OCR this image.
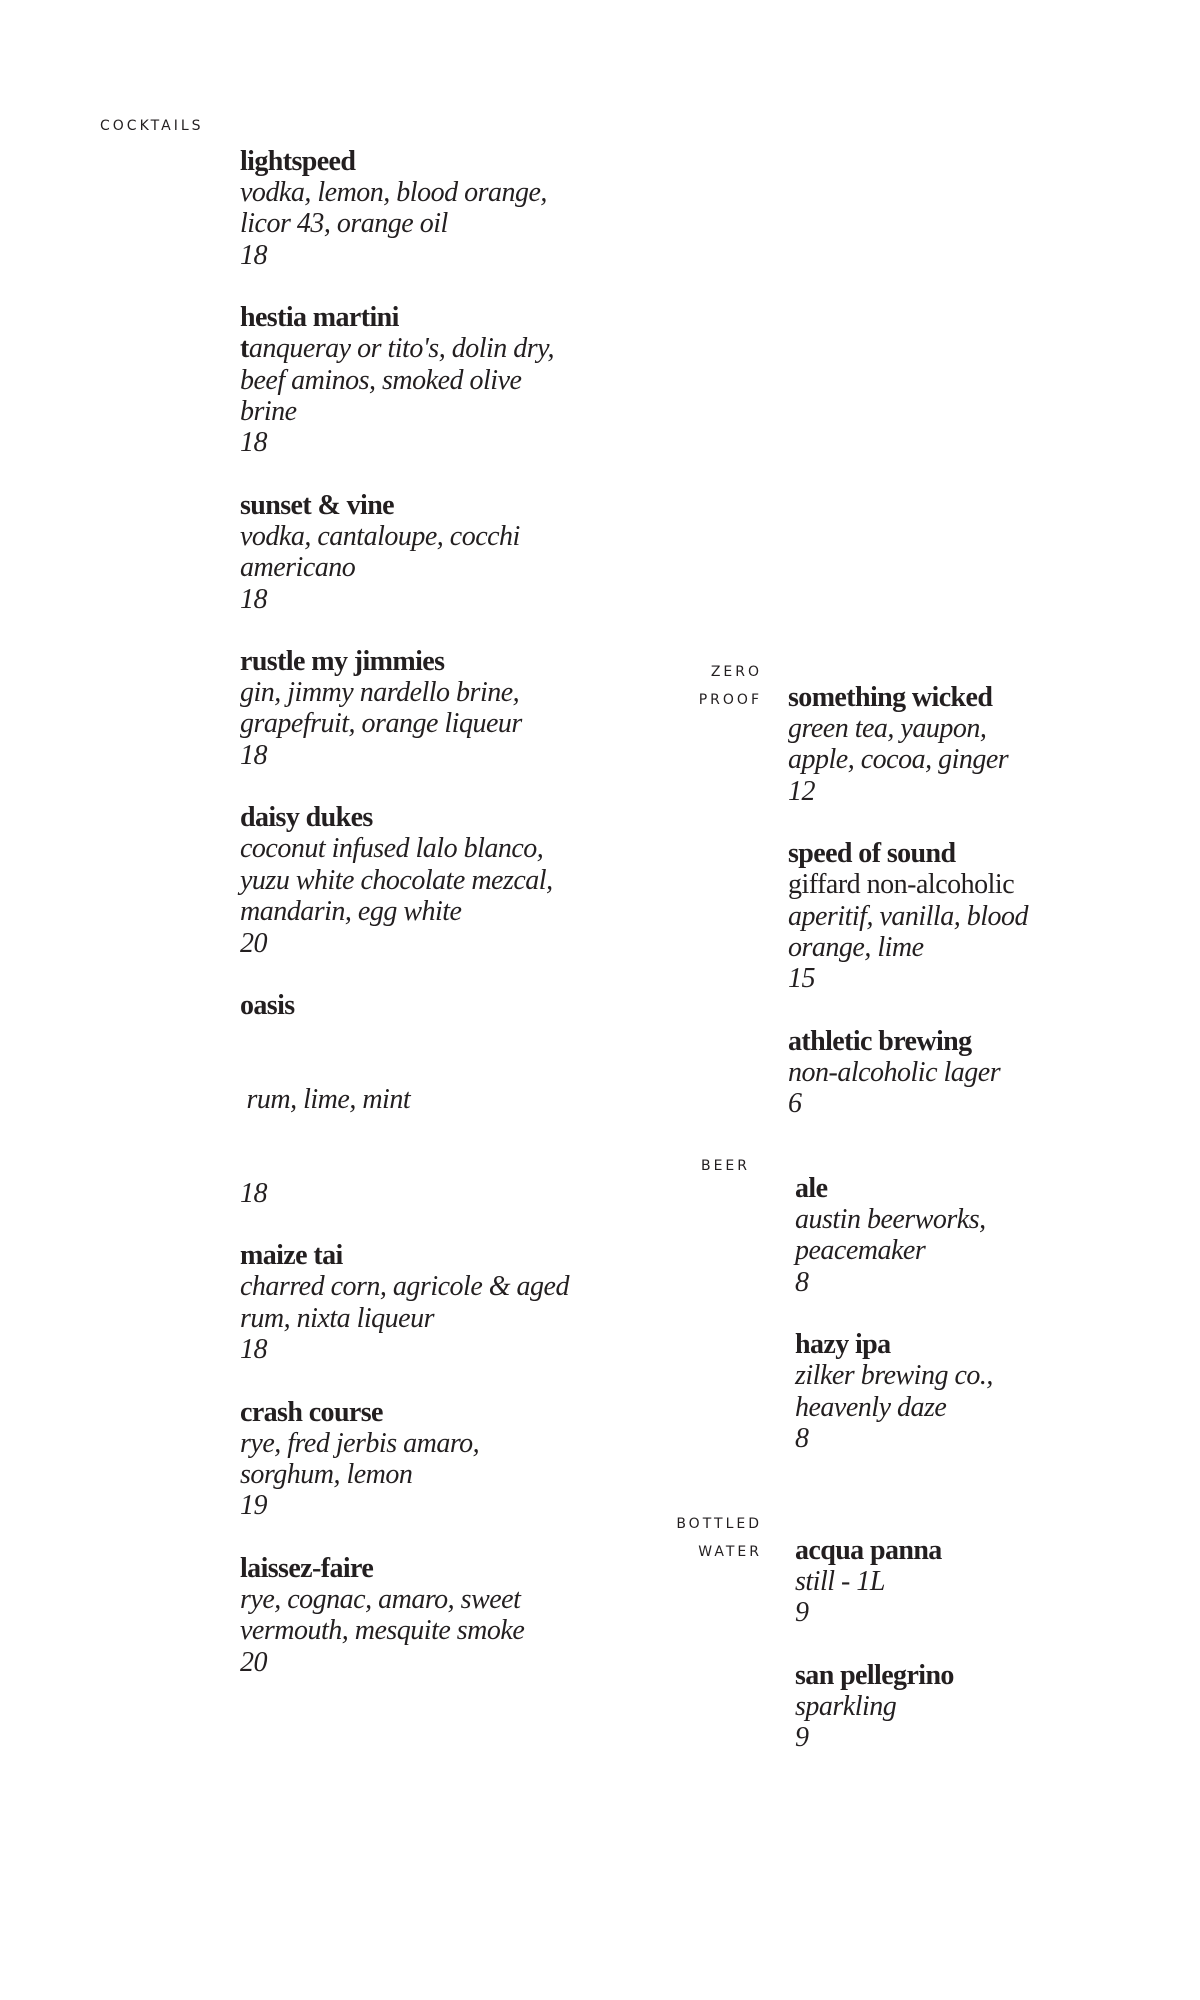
COCKTAILS
lightspeed
vodka, lemon, blood orange,
licor 43, orange oil
18
hestia martini
tanqueray or tito's, dolin dry,
beef aminos, smoked olive
brine
18
sunset & vine
vodka, cantaloupe, cocchi
americano
18
rustle my jimmies
gin, jimmy nardello brine,
grapefruit, orange liqueur
18
daisy dukes
coconut infused lalo blanco,
yuzu white chocolate mezcal,
mandarin, egg white
20
oasis

rum, lime, mint

18
maize tai
charred corn, agricole & aged
rum, nixta liqueur
18
crash course
rye, fred jerbis amaro,
sorghum, lemon
19
laissez-faire
rye, cognac, amaro, sweet
vermouth, mesquite smoke
20
ZERO
PROOF something wicked
green tea, yaupon,
apple, cocoa, ginger
12
speed of sound
giffard non-alcoholic
aperitif, vanilla, blood
orange, lime
15
athletic brewing
non-alcoholic lager
6
BEER
ale
austin beerworks,
peacemaker
8
hazy ipa
zilker brewing co.,
heavenly daze
8
BOTTLED
WATER acqua panna
still - 1L
9
san pellegrino
sparkling
9
